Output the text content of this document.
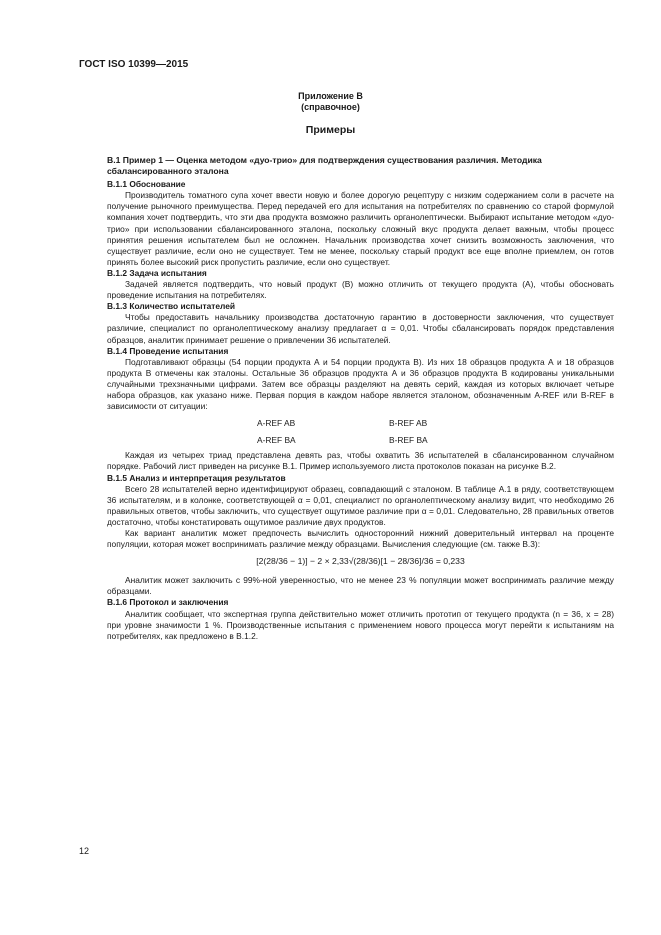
ГОСТ ISO 10399—2015
Приложение В
(справочное)
Примеры
В.1 Пример 1 — Оценка методом «дуо-трио» для подтверждения существования различия. Методика сбалансированного эталона
В.1.1 Обоснование

Производитель томатного супа хочет ввести новую и более дорогую рецептуру с низким содержанием соли в расчете на получение рыночного преимущества. Перед передачей его для испытания на потребителях по сравнению со старой формулой компания хочет подтвердить, что эти два продукта возможно различить органолептически. Выбирают испытание методом «дуо-трио» при использовании сбалансированного эталона, поскольку сложный вкус продукта делает важным, чтобы процесс принятия решения испытателем был не осложнен. Начальник производства хочет снизить возможность заключения, что существует различие, если оно не существует. Тем не менее, поскольку старый продукт все еще вполне приемлем, он готов принять более высокий риск пропустить различие, если оно существует.

В.1.2 Задача испытания

Задачей является подтвердить, что новый продукт (В) можно отличить от текущего продукта (А), чтобы обосновать проведение испытания на потребителях.

В.1.3 Количество испытателей

Чтобы предоставить начальнику производства достаточную гарантию в достоверности заключения, что существует различие, специалист по органолептическому анализу предлагает α = 0,01. Чтобы сбалансировать порядок представления образцов, аналитик принимает решение о привлечении 36 испытателей.

В.1.4 Проведение испытания

Подготавливают образцы (54 порции продукта А и 54 порции продукта В). Из них 18 образцов продукта А и 18 образцов продукта В отмечены как эталоны. Остальные 36 образцов продукта А и 36 образцов продукта В кодированы уникальными случайными трехзначными цифрами. Затем все образцы разделяют на девять серий, каждая из которых включает четыре набора образцов, как указано ниже. Первая порция в каждом наборе является эталоном, обозначенным A-REF или B-REF в зависимости от ситуации:

A-REF AB	B-REF AB
A-REF BA	B-REF BA

Каждая из четырех триад представлена девять раз, чтобы охватить 36 испытателей в сбалансированном случайном порядке. Рабочий лист приведен на рисунке В.1. Пример используемого листа протоколов показан на рисунке В.2.

В.1.5 Анализ и интерпретация результатов

Всего 28 испытателей верно идентифицируют образец, совпадающий с эталоном. В таблице А.1 в ряду, соответствующем 36 испытателям, и в колонке, соответствующей α = 0,01, специалист по органолептическому анализу видит, что необходимо 26 правильных ответов, чтобы заключить, что существует ощутимое различие при α = 0,01. Следовательно, 28 правильных ответов достаточно, чтобы констатировать ощутимое различие двух продуктов.

Как вариант аналитик может предпочесть вычислить односторонний нижний доверительный интервал на проценте популяции, которая может воспринимать различие между образцами. Вычисления следующие (см. также В.3):

[2(28/36 − 1)] − 2 × 2,33√(28/36)[1 − 28/36]/36 = 0,233

Аналитик может заключить с 99%-ной уверенностью, что не менее 23 % популяции может воспринимать различие между образцами.

В.1.6 Протокол и заключения

Аналитик сообщает, что экспертная группа действительно может отличить прототип от текущего продукта (n = 36, x = 28) при уровне значимости 1 %. Производственные испытания с применением нового процесса могут перейти к испытаниям на потребителях, как предложено в В.1.2.

12
